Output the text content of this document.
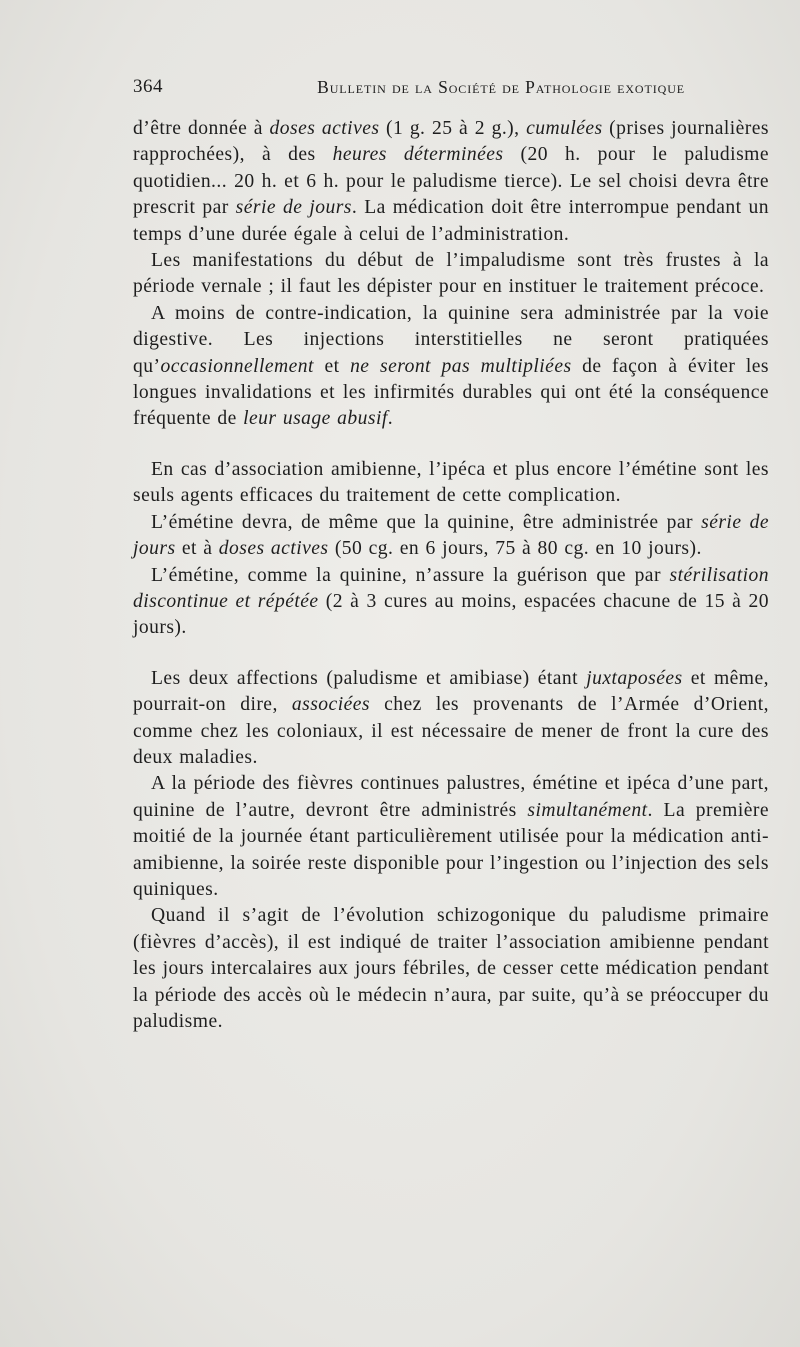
364	Bulletin de la Société de Pathologie exotique

d’être donnée à doses actives (1 g. 25 à 2 g.), cumulées (prises journalières rapprochées), à des heures déterminées (20 h. pour le paludisme quotidien... 20 h. et 6 h. pour le paludisme tierce). Le sel choisi devra être prescrit par série de jours. La médication doit être interrompue pendant un temps d’une durée égale à celui de l’administration.

Les manifestations du début de l’impaludisme sont très frustes à la période vernale ; il faut les dépister pour en instituer le traitement précoce.

A moins de contre-indication, la quinine sera administrée par la voie digestive. Les injections interstitielles ne seront pratiquées qu’occasionnellement et ne seront pas multipliées de façon à éviter les longues invalidations et les infirmités durables qui ont été la conséquence fréquente de leur usage abusif.

En cas d’association amibienne, l’ipéca et plus encore l’émétine sont les seuls agents efficaces du traitement de cette complication.

L’émétine devra, de même que la quinine, être administrée par série de jours et à doses actives (50 cg. en 6 jours, 75 à 80 cg. en 10 jours).

L’émétine, comme la quinine, n’assure la guérison que par stérilisation discontinue et répétée (2 à 3 cures au moins, espacées chacune de 15 à 20 jours).

Les deux affections (paludisme et amibiase) étant juxtaposées et même, pourrait-on dire, associées chez les provenants de l’Armée d’Orient, comme chez les coloniaux, il est nécessaire de mener de front la cure des deux maladies.

A la période des fièvres continues palustres, émétine et ipéca d’une part, quinine de l’autre, devront être administrés simultanément. La première moitié de la journée étant particulièrement utilisée pour la médication anti-amibienne, la soirée reste disponible pour l’ingestion ou l’injection des sels quiniques.

Quand il s’agit de l’évolution schizogonique du paludisme primaire (fièvres d’accès), il est indiqué de traiter l’association amibienne pendant les jours intercalaires aux jours fébriles, de cesser cette médication pendant la période des accès où le médecin n’aura, par suite, qu’à se préoccuper du paludisme.
